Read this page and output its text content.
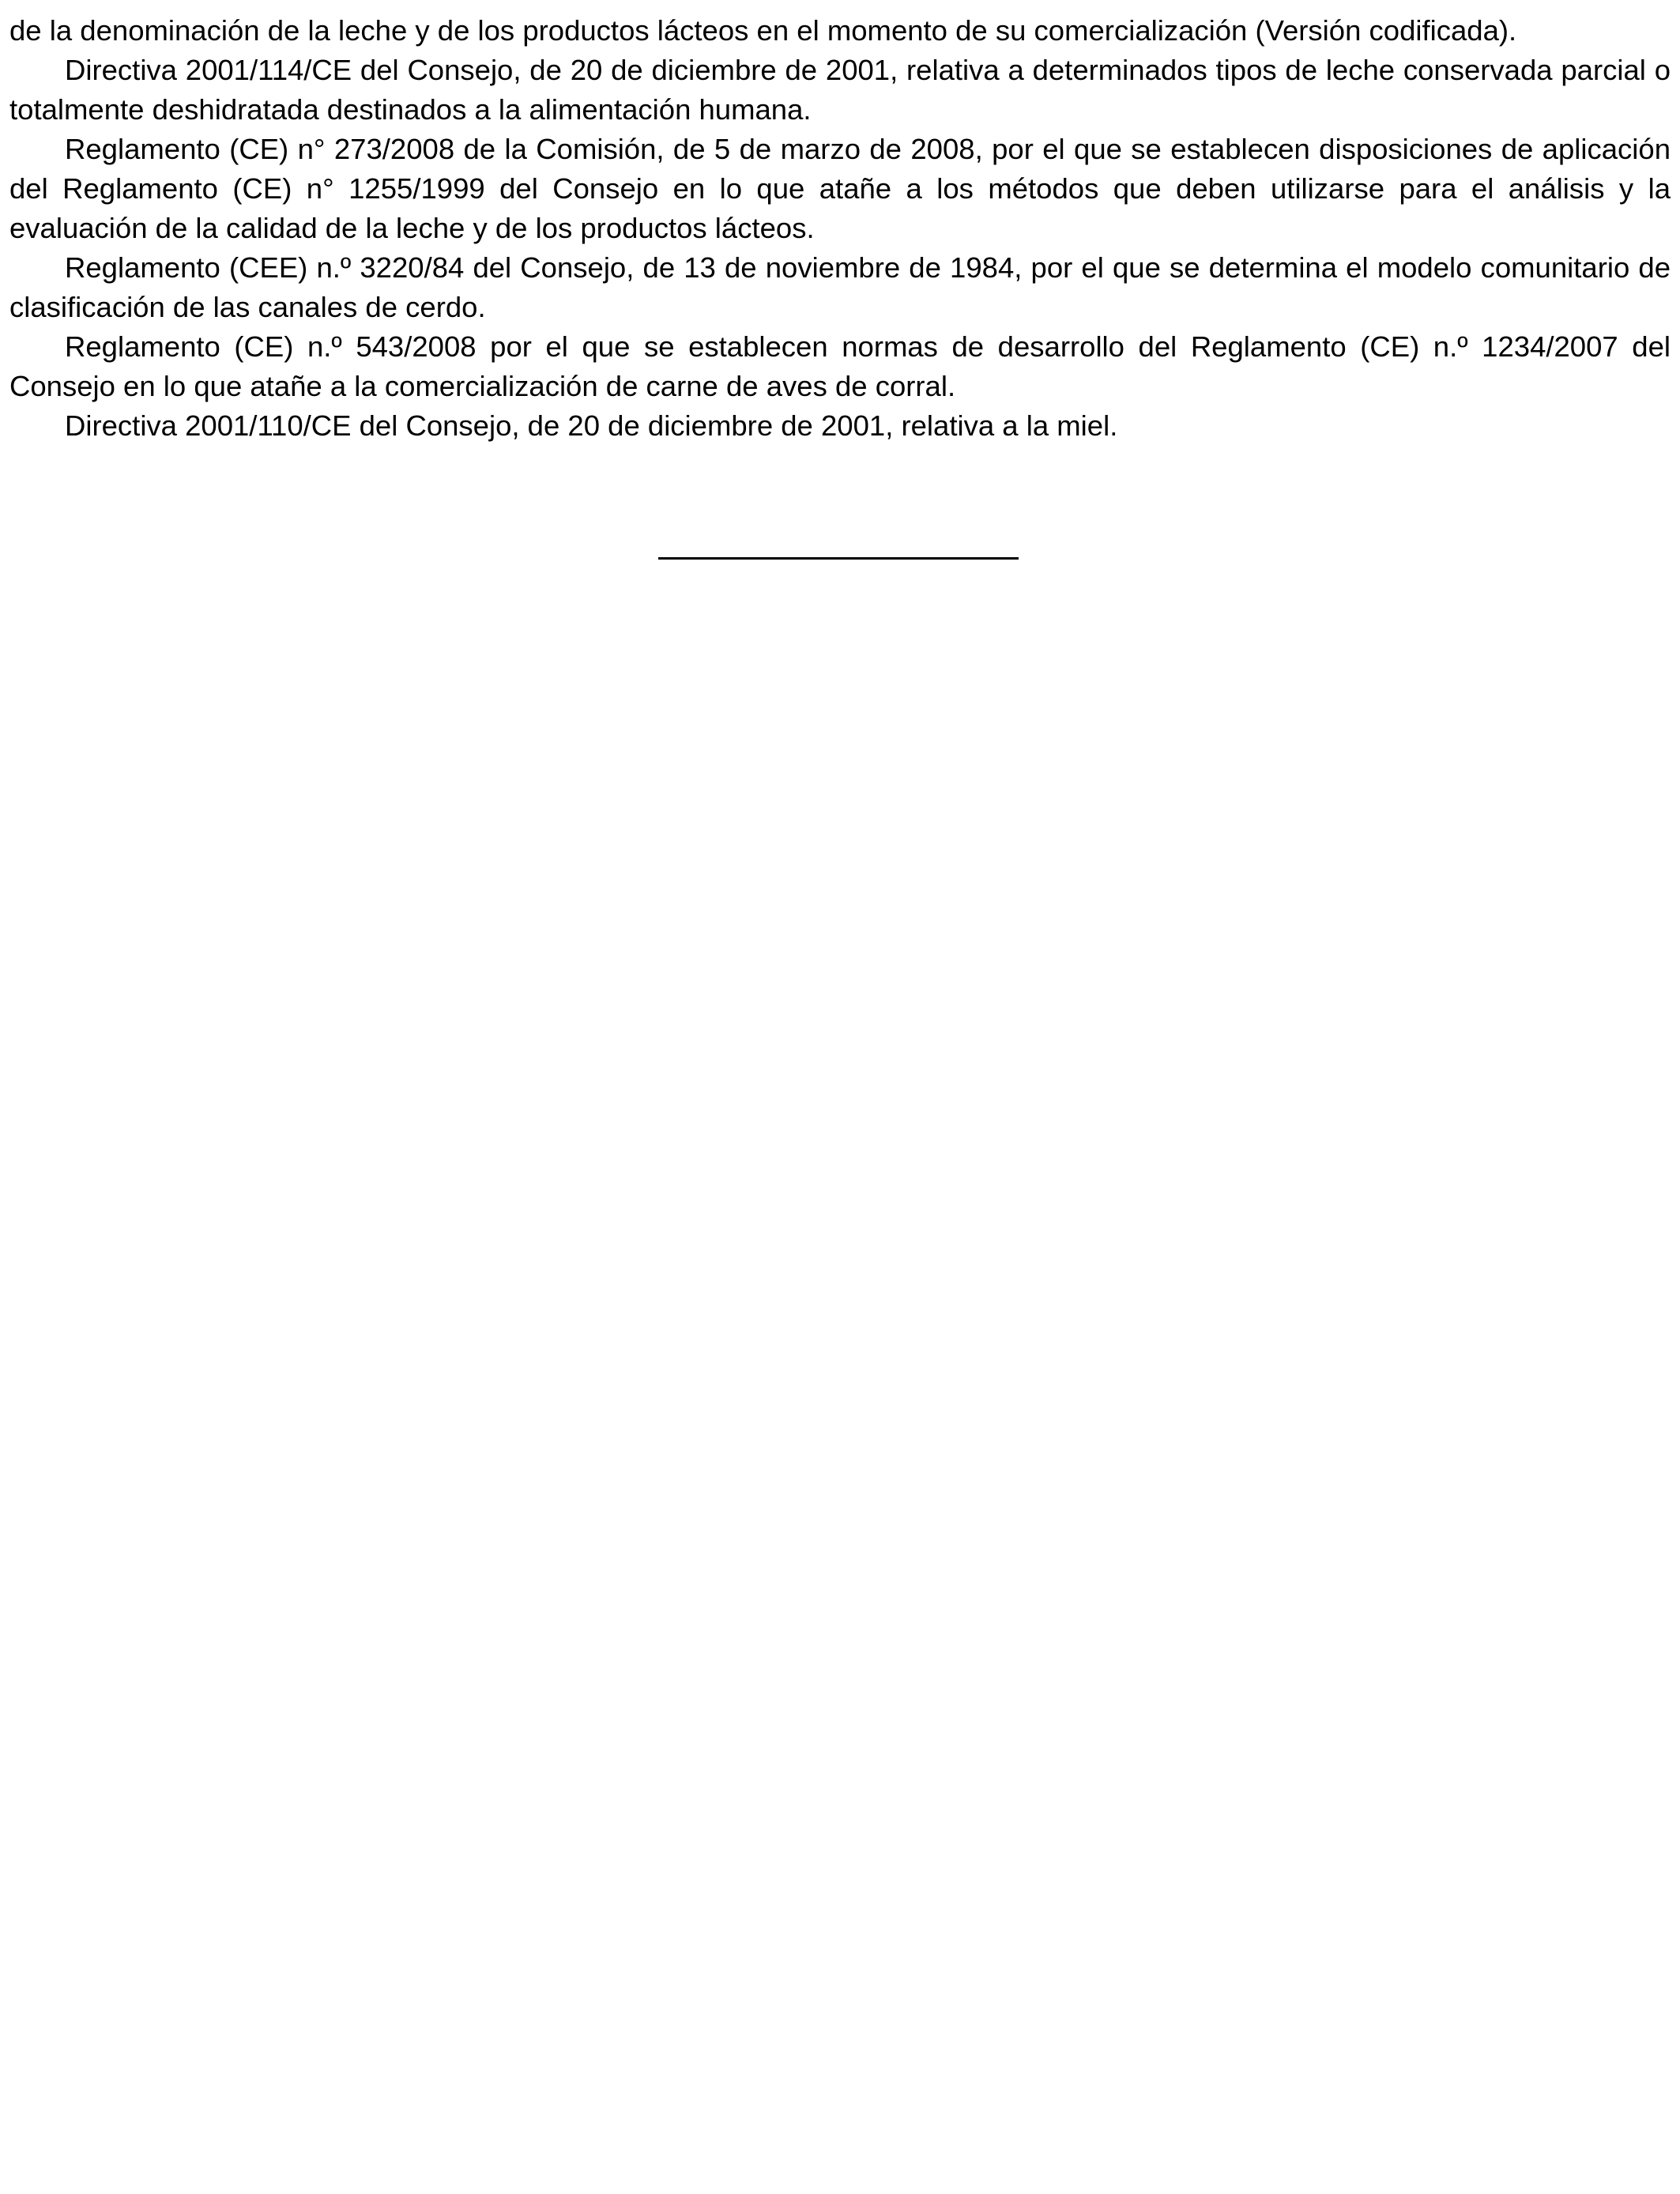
de la denominación de la leche y de los productos lácteos en el momento de su comercialización (Versión codificada).

Directiva 2001/114/CE del Consejo, de 20 de diciembre de 2001, relativa a determinados tipos de leche conservada parcial o totalmente deshidratada destinados a la alimentación humana.

Reglamento (CE) n° 273/2008 de la Comisión, de 5 de marzo de 2008, por el que se establecen disposiciones de aplicación del Reglamento (CE) n° 1255/1999 del Consejo en lo que atañe a los métodos que deben utilizarse para el análisis y la evaluación de la calidad de la leche y de los productos lácteos.

Reglamento (CEE) n.º 3220/84 del Consejo, de 13 de noviembre de 1984, por el que se determina el modelo comunitario de clasificación de las canales de cerdo.

Reglamento (CE) n.º 543/2008 por el que se establecen normas de desarrollo del Reglamento (CE) n.º 1234/2007 del Consejo en lo que atañe a la comercialización de carne de aves de corral.

Directiva 2001/110/CE del Consejo, de 20 de diciembre de 2001, relativa a la miel.
